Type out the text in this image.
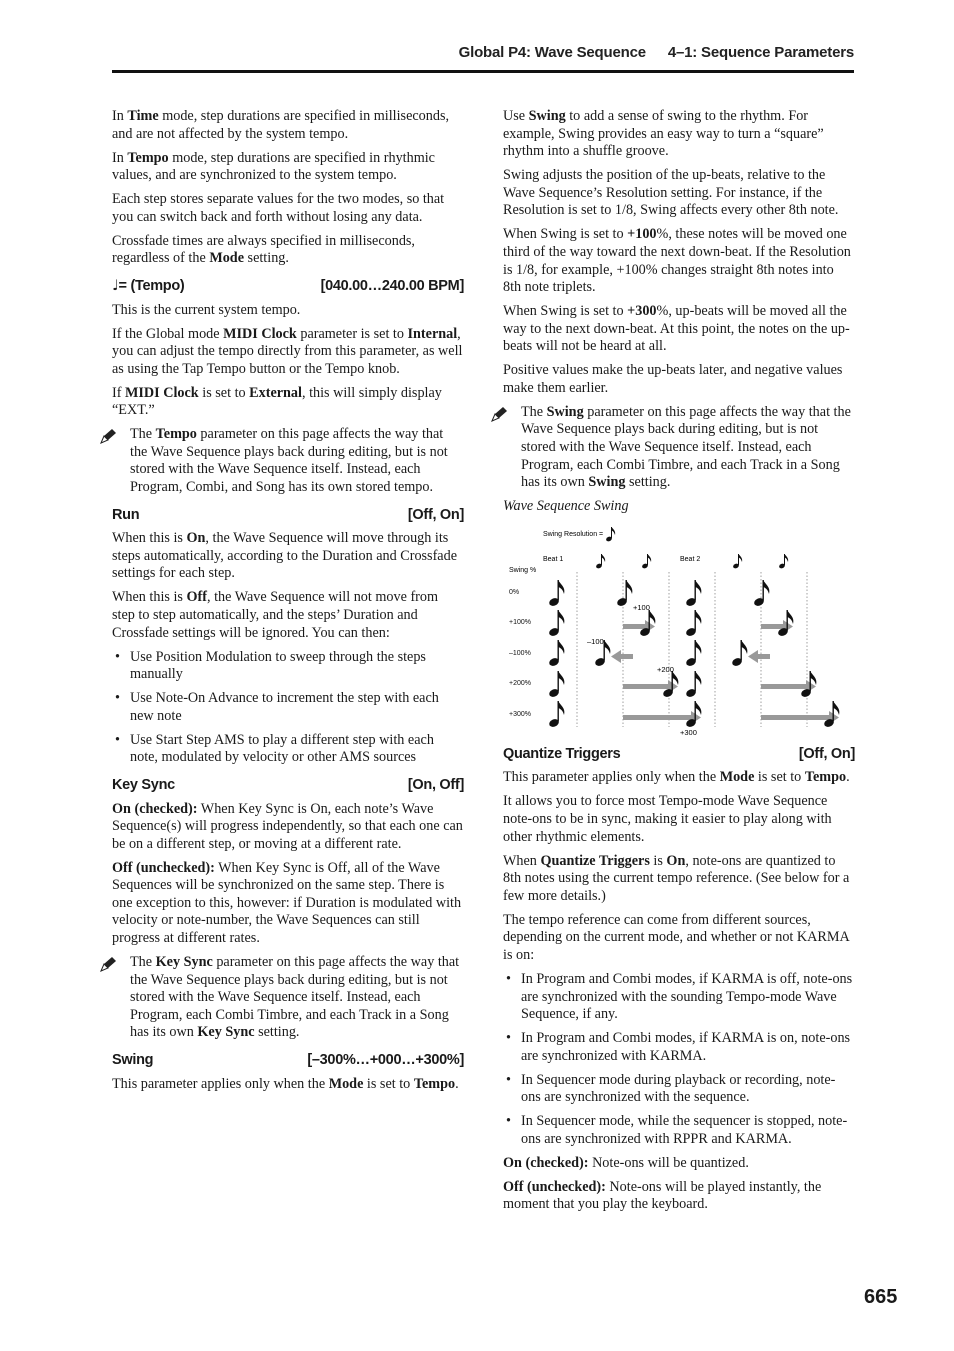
Global P4: Wave Sequence 4–1: Sequence Parameters

In Time mode, step durations are specified in milliseconds, and are not affected by the system tempo.

In Tempo mode, step durations are specified in rhythmic values, and are synchronized to the system tempo.

Each step stores separate values for the two modes, so that you can switch back and forth without losing any data.

Crossfade times are always specified in milliseconds, regardless of the Mode setting.

♩= (Tempo)	[040.00…240.00 BPM]

This is the current system tempo.

If the Global mode MIDI Clock parameter is set to Internal, you can adjust the tempo directly from this parameter, as well as using the Tap Tempo button or the Tempo knob.

If MIDI Clock is set to External, this will simply display “EXT.”

The Tempo parameter on this page affects the way that the Wave Sequence plays back during editing, but is not stored with the Wave Sequence itself. Instead, each Program, Combi, and Song has its own stored tempo.
Run	[Off, On]

When this is On, the Wave Sequence will move through its steps automatically, according to the Duration and Crossfade settings for each step.

When this is Off, the Wave Sequence will not move from step to step automatically, and the steps’ Duration and Crossfade settings will be ignored. You can then:

• Use Position Modulation to sweep through the steps manually
• Use Note-On Advance to increment the step with each new note
• Use Start Step AMS to play a different step with each note, modulated by velocity or other AMS sources
Key Sync	[On, Off]

On (checked): When Key Sync is On, each note’s Wave Sequence(s) will progress independently, so that each one can be on a different step, or moving at a different rate.

Off (unchecked): When Key Sync is Off, all of the Wave Sequences will be synchronized on the same step. There is one exception to this, however: if Duration is modulated with velocity or note-number, the Wave Sequences can still progress at different rates.

The Key Sync parameter on this page affects the way that the Wave Sequence plays back during editing, but is not stored with the Wave Sequence itself. Instead, each Program, each Combi Timbre, and each Track in a Song has its own Key Sync setting.
Swing	[–300%…+000…+300%]

This parameter applies only when the Mode is set to Tempo.

Use Swing to add a sense of swing to the rhythm. For example, Swing provides an easy way to turn a “square” rhythm into a shuffle groove.

Swing adjusts the position of the up-beats, relative to the Wave Sequence’s Resolution setting. For instance, if the Resolution is set to 1/8, Swing affects every other 8th note.

When Swing is set to +100%, these notes will be moved one third of the way toward the next down-beat. If the Resolution is 1/8, for example, +100% changes straight 8th notes into 8th note triplets.

When Swing is set to +300%, up-beats will be moved all the way to the next down-beat. At this point, the notes on the up-beats will not be heard at all.

Positive values make the up-beats later, and negative values make them earlier.

The Swing parameter on this page affects the way that the Wave Sequence plays back during editing, but is not stored with the Wave Sequence itself. Instead, each Program, each Combi Timbre, and each Track in a Song has its own Swing setting.

Wave Sequence Swing

Swing Resolution =
Swing %
Beat 1	Beat 2
0%
+100%
–100%
+200%
+300%
+100
–100
+200
+300
Quantize Triggers	[Off, On]

This parameter applies only when the Mode is set to Tempo.

It allows you to force most Tempo-mode Wave Sequence note-ons to be in sync, making it easier to play along with other rhythmic elements.

When Quantize Triggers is On, note-ons are quantized to 8th notes using the current tempo reference. (See below for a few more details.)

The tempo reference can come from different sources, depending on the current mode, and whether or not KARMA is on:

• In Program and Combi modes, if KARMA is off, note-ons are synchronized with the sounding Tempo-mode Wave Sequence, if any.
• In Program and Combi modes, if KARMA is on, note-ons are synchronized with KARMA.
• In Sequencer mode during playback or recording, note-ons are synchronized with the sequence.
• In Sequencer mode, while the sequencer is stopped, note-ons are synchronized with RPPR and KARMA.

On (checked): Note-ons will be quantized.

Off (unchecked): Note-ons will be played instantly, the moment that you play the keyboard.

665
